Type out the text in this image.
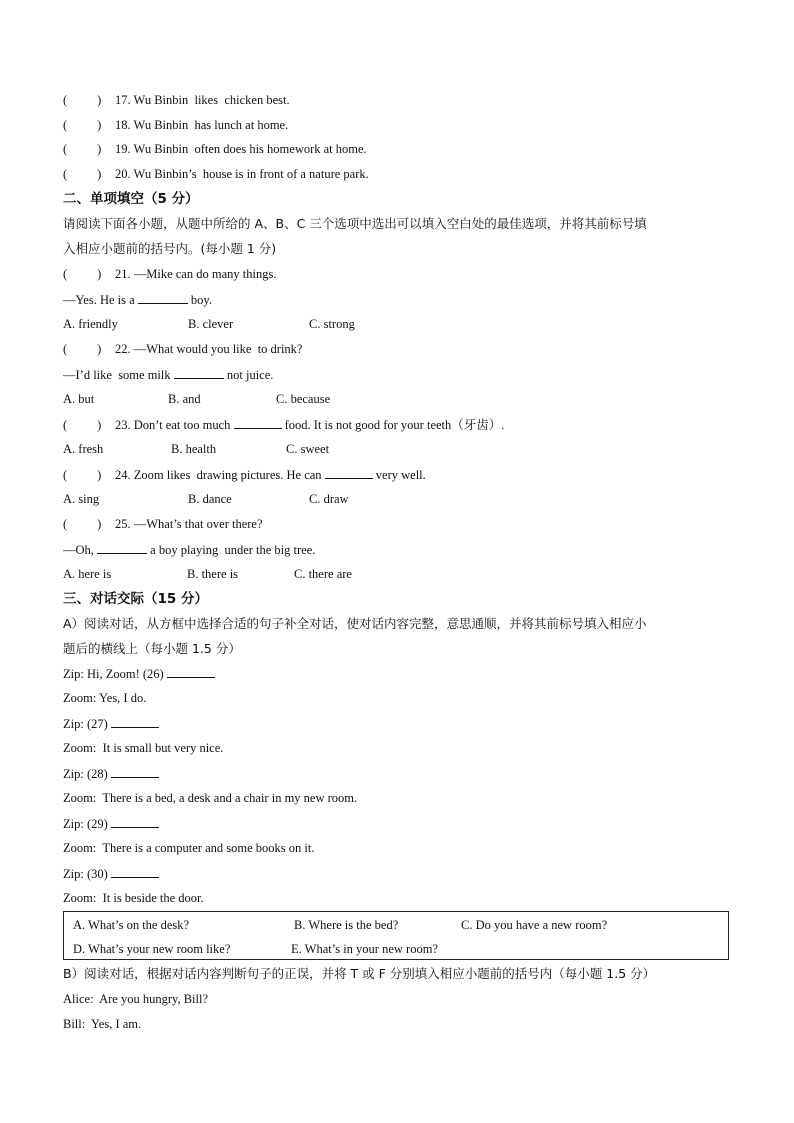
( ) 17. Wu Binbin  likes  chicken best.
( ) 18. Wu Binbin  has lunch at home.
( ) 19. Wu Binbin  often does his homework at home.
( ) 20. Wu Binbin’s  house is in front of a nature park.
二、单项填空（5 分）
请阅读下面各小题，从题中所给的 A、B、C 三个选项中选出可以填入空白处的最佳选项，并将其前标号填
入相应小题前的括号内。(每小题 1 分)
( ) 21. —Mike can do many things.
—Yes. He is a	boy.
A. friendly	B. clever	C. strong
( ) 22. —What would you like  to drink?
—I’d like  some milk	not juice.
A. but	B. and	C. because
( ) 23. Don’t eat too much	food. It is not good for your teeth（牙齿）.
A. fresh	B. health	C. sweet
( ) 24. Zoom likes  drawing pictures. He can	very well.
A. sing	B. dance	C. draw
( ) 25. —What’s that over there?
—Oh,	a boy playing  under the big tree.
A. here is	B. there is	C. there are
三、对话交际（15 分）
A）阅读对话，从方框中选择合适的句子补全对话，使对话内容完整，意思通顺，并将其前标号填入相应小
题后的横线上（每小题 1.5 分）
Zip: Hi, Zoom! (26)
Zoom: Yes, I do.
Zip: (27)
Zoom:  It is small but very nice.
Zip: (28)
Zoom:  There is a bed, a desk and a chair in my new room.
Zip: (29)
Zoom:  There is a computer and some books on it.
Zip: (30)
Zoom:  It is beside the door.
A. What’s on the desk?	B. Where is the bed?	C. Do you have a new room?
D. What’s your new room like?	E. What’s in your new room?
B）阅读对话，根据对话内容判断句子的正误，并将 T 或 F 分别填入相应小题前的括号内（每小题 1.5 分）
Alice:  Are you hungry, Bill?
Bill:  Yes, I am.
